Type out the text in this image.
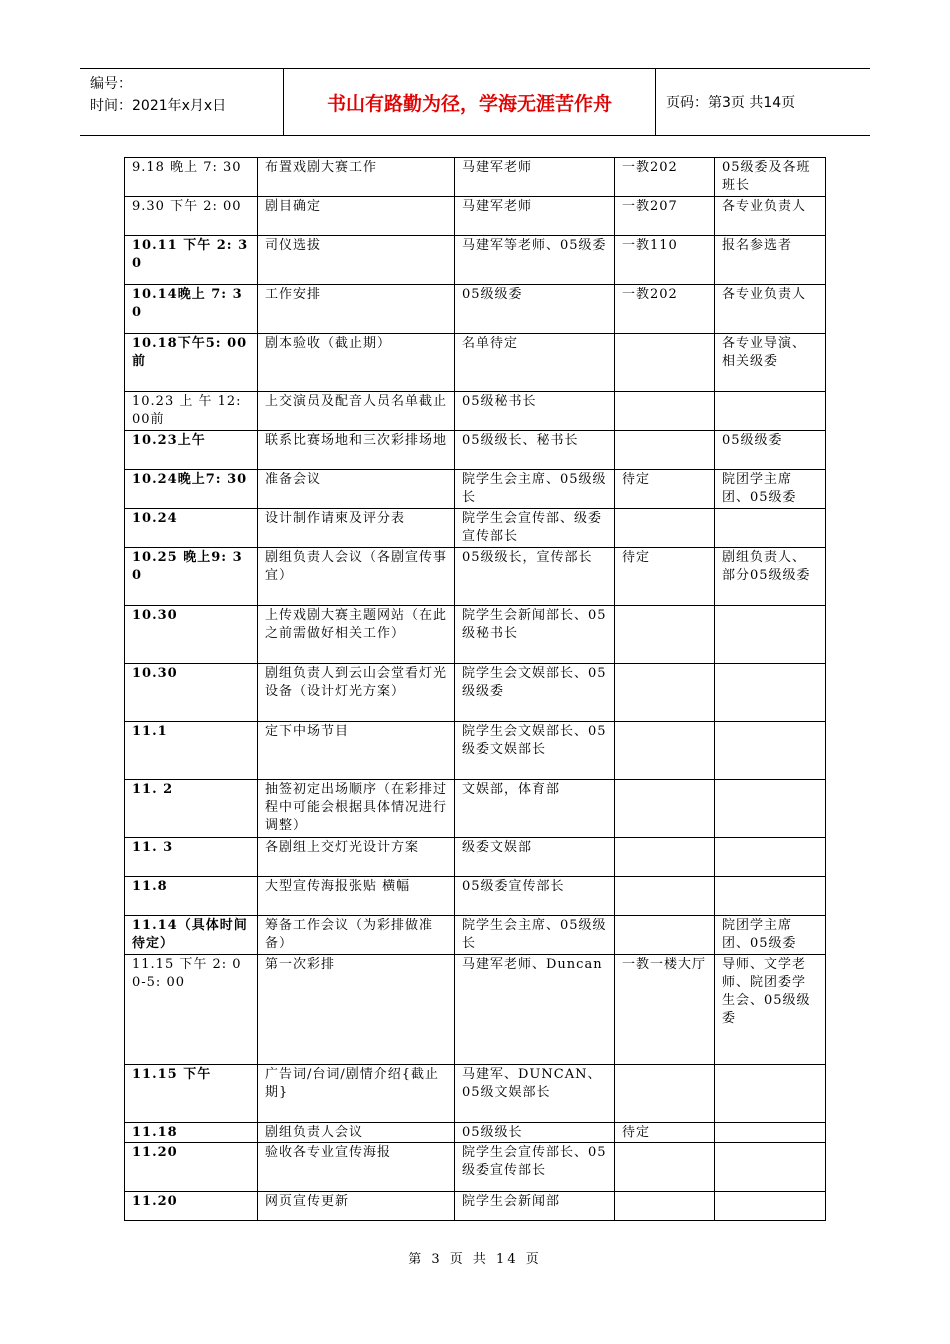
编号：
时间：2021年x月x日	书山有路勤为径，学海无涯苦作舟	页码：第3页 共14页
9.18 晚上 7: 30	布置戏剧大赛工作	马建军老师	一教202	05级委及各班班长
9.30 下午 2: 00	剧目确定	马建军老师	一教207	各专业负责人
10.11 下午 2: 30	司仪选拔	马建军等老师、05级委	一教110	报名参选者
10.14晚上 7: 30	工作安排	05级级委	一教202	各专业负责人
10.18下午5: 00前	剧本验收（截止期）	名单待定		各专业导演、相关级委
10.23 上 午 12: 00前	上交演员及配音人员名单截止	05级秘书长		
10.23上午	联系比赛场地和三次彩排场地	05级级长、秘书长		05级级委
10.24晚上7: 30	准备会议	院学生会主席、05级级长	待定	院团学主席团、05级委
10.24	设计制作请柬及评分表	院学生会宣传部、级委宣传部长		
10.25 晚上9: 30	剧组负责人会议（各剧宣传事宜）	05级级长，宣传部长	待定	剧组负责人、部分05级级委
10.30	上传戏剧大赛主题网站（在此之前需做好相关工作）	院学生会新闻部长、05级秘书长		
10.30	剧组负责人到云山会堂看灯光设备（设计灯光方案）	院学生会文娱部长、05级级委		
11.1	定下中场节目	院学生会文娱部长、05级委文娱部长		
11. 2	抽签初定出场顺序（在彩排过程中可能会根据具体情况进行调整）	文娱部，体育部		
11. 3	各剧组上交灯光设计方案	级委文娱部		
11.8	大型宣传海报张贴 横幅	05级委宣传部长		
11.14（具体时间待定）	筹备工作会议（为彩排做准备）	院学生会主席、05级级长		院团学主席团、05级委
11.15 下午 2: 00-5: 00	第一次彩排	马建军老师、Duncan	一教一楼大厅	导师、文学老师、院团委学生会、05级级委
11.15 下午	广告词/台词/剧情介绍{截止期}	马建军、DUNCAN、05级文娱部长		
11.18	剧组负责人会议	05级级长	待定	
11.20	验收各专业宣传海报	院学生会宣传部长、05级委宣传部长		
11.20	网页宣传更新	院学生会新闻部		
第 3 页 共 14 页
